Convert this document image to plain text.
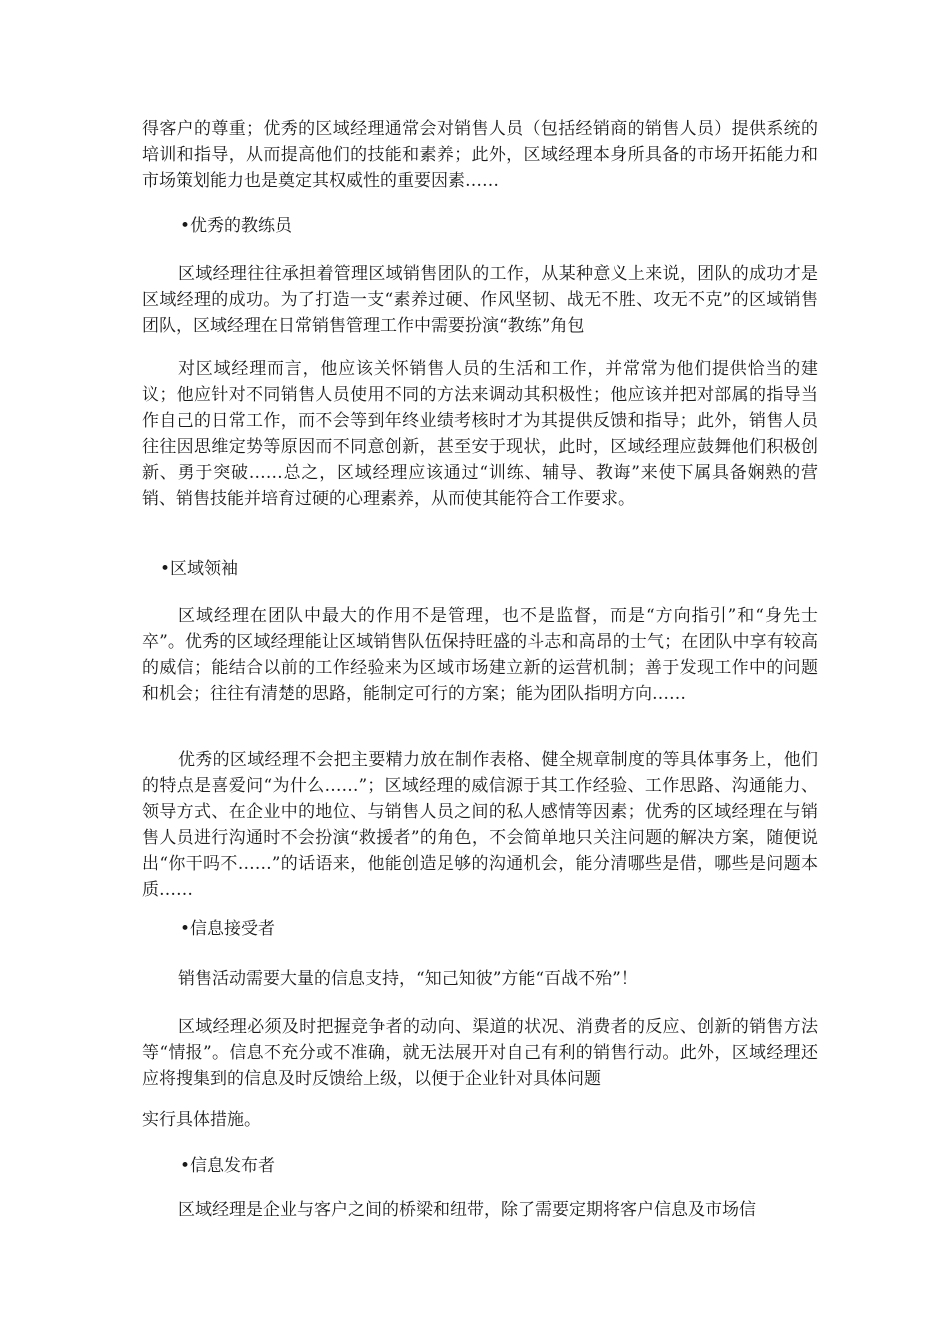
得客户的尊重；优秀的区域经理通常会对销售人员（包括经销商的销售人员）提供系统的培训和指导，从而提高他们的技能和素养；此外，区域经理本身所具备的市场开拓能力和市场策划能力也是奠定其权威性的重要因素……

•优秀的教练员

区域经理往往承担着管理区域销售团队的工作，从某种意义上来说，团队的成功才是区域经理的成功。为了打造一支“素养过硬、作风坚韧、战无不胜、攻无不克”的区域销售团队，区域经理在日常销售管理工作中需要扮演“教练”角包

对区域经理而言，他应该关怀销售人员的生活和工作，并常常为他们提供恰当的建议；他应针对不同销售人员使用不同的方法来调动其积极性；他应该并把对部属的指导当作自己的日常工作，而不会等到年终业绩考核时才为其提供反馈和指导；此外，销售人员往往因思维定势等原因而不同意创新，甚至安于现状，此时，区域经理应鼓舞他们积极创新、勇于突破……总之，区域经理应该通过“训练、辅导、教诲”来使下属具备娴熟的营销、销售技能并培育过硬的心理素养，从而使其能符合工作要求。

•区域领袖

区域经理在团队中最大的作用不是管理，也不是监督，而是“方向指引”和“身先士卒”。优秀的区域经理能让区域销售队伍保持旺盛的斗志和高昂的士气；在团队中享有较高的威信；能结合以前的工作经验来为区域市场建立新的运营机制；善于发现工作中的问题和机会；往往有清楚的思路，能制定可行的方案；能为团队指明方向……

优秀的区域经理不会把主要精力放在制作表格、健全规章制度的等具体事务上，他们的特点是喜爱问“为什么……”；区域经理的威信源于其工作经验、工作思路、沟通能力、领导方式、在企业中的地位、与销售人员之间的私人感情等因素；优秀的区域经理在与销售人员进行沟通时不会扮演“救援者”的角色，不会简单地只关注问题的解决方案，随便说出“你干吗不……”的话语来，他能创造足够的沟通机会，能分清哪些是借，哪些是问题本质……

•信息接受者

销售活动需要大量的信息支持，“知己知彼”方能“百战不殆”！

区域经理必须及时把握竞争者的动向、渠道的状况、消费者的反应、创新的销售方法等“情报”。信息不充分或不准确，就无法展开对自己有利的销售行动。此外，区域经理还应将搜集到的信息及时反馈给上级，以便于企业针对具体问题

实行具体措施。

•信息发布者

区域经理是企业与客户之间的桥梁和纽带，除了需要定期将客户信息及市场信
